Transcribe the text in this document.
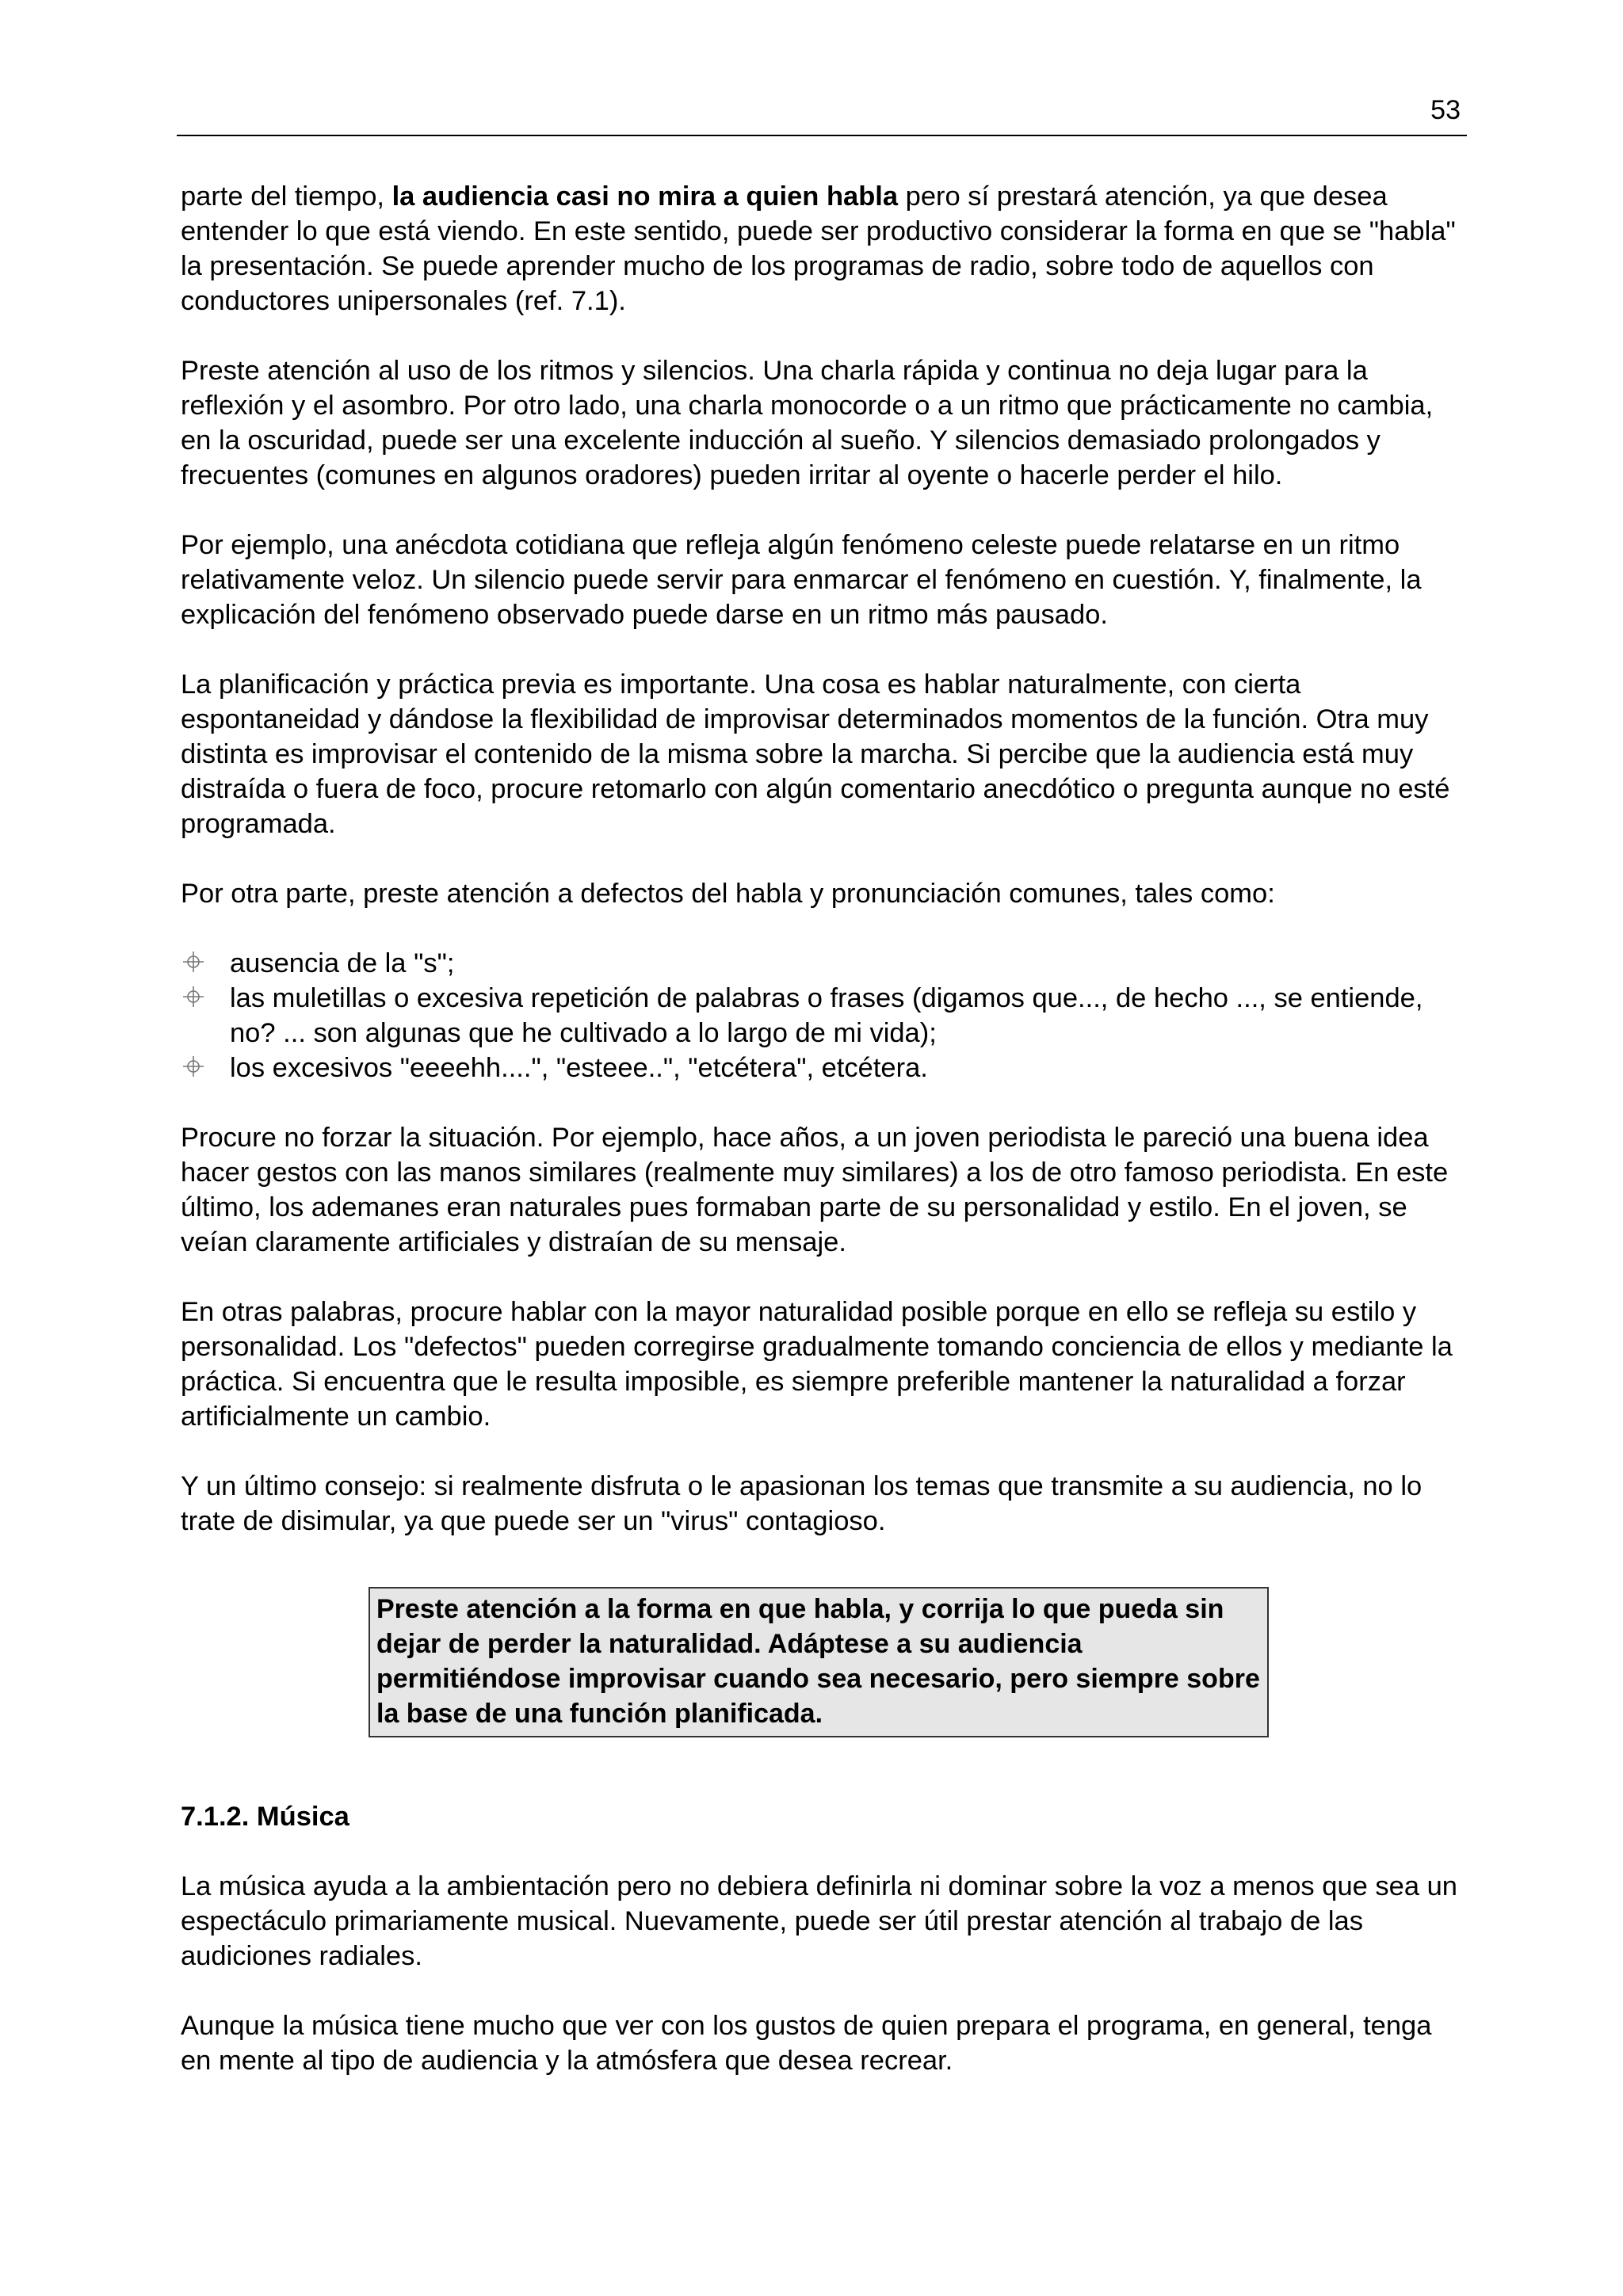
53

parte del tiempo, la audiencia casi no mira a quien habla pero sí prestará atención, ya que desea entender lo que está viendo. En este sentido, puede ser productivo considerar la forma en que se "habla" la presentación. Se puede aprender mucho de los programas de radio, sobre todo de aquellos con conductores unipersonales (ref. 7.1).

Preste atención al uso de los ritmos y silencios. Una charla rápida y continua no deja lugar para la reflexión y el asombro. Por otro lado, una charla monocorde o a un ritmo que prácticamente no cambia, en la oscuridad, puede ser una excelente inducción al sueño. Y silencios demasiado prolongados y frecuentes (comunes en algunos oradores) pueden irritar al oyente o hacerle perder el hilo.

Por ejemplo, una anécdota cotidiana que refleja algún fenómeno celeste puede relatarse en un ritmo relativamente veloz. Un silencio puede servir para enmarcar el fenómeno en cuestión. Y, finalmente, la explicación del fenómeno observado puede darse en un ritmo más pausado.

La planificación y práctica previa es importante. Una cosa es hablar naturalmente, con cierta espontaneidad y dándose la flexibilidad de improvisar determinados momentos de la función. Otra muy distinta es improvisar el contenido de la misma sobre la marcha. Si percibe que la audiencia está muy distraída o fuera de foco, procure retomarlo con algún comentario anecdótico o pregunta aunque no esté programada.

Por otra parte, preste atención a defectos del habla y pronunciación comunes, tales como:

ausencia de la "s";
las muletillas o excesiva repetición de palabras o frases (digamos que..., de hecho ..., se entiende, no? ... son algunas que he cultivado a lo largo de mi vida);
los excesivos "eeeehh....", "esteee..", "etcétera", etcétera.

Procure no forzar la situación. Por ejemplo, hace años, a un joven periodista le pareció una buena idea hacer gestos con las manos similares (realmente muy similares) a los de otro famoso periodista. En este último, los ademanes eran naturales pues formaban parte de su personalidad y estilo. En el joven, se veían claramente artificiales y distraían de su mensaje.

En otras palabras, procure hablar con la mayor naturalidad posible porque en ello se refleja su estilo y personalidad. Los "defectos" pueden corregirse gradualmente tomando conciencia de ellos y mediante la práctica. Si encuentra que le resulta imposible, es siempre preferible mantener la naturalidad a forzar artificialmente un cambio.

Y un último consejo: si realmente disfruta o le apasionan los temas que transmite a su audiencia, no lo trate de disimular, ya que puede ser un "virus" contagioso.

Preste atención a la forma en que habla, y corrija lo que pueda sin dejar de perder la naturalidad. Adáptese a su audiencia permitiéndose improvisar cuando sea necesario, pero siempre sobre la base de una función planificada.

7.1.2. Música

La música ayuda a la ambientación pero no debiera definirla ni dominar sobre la voz a menos que sea un espectáculo primariamente musical. Nuevamente, puede ser útil prestar atención al trabajo de las audiciones radiales.

Aunque la música tiene mucho que ver con los gustos de quien prepara el programa, en general, tenga en mente al tipo de audiencia y la atmósfera que desea recrear.
